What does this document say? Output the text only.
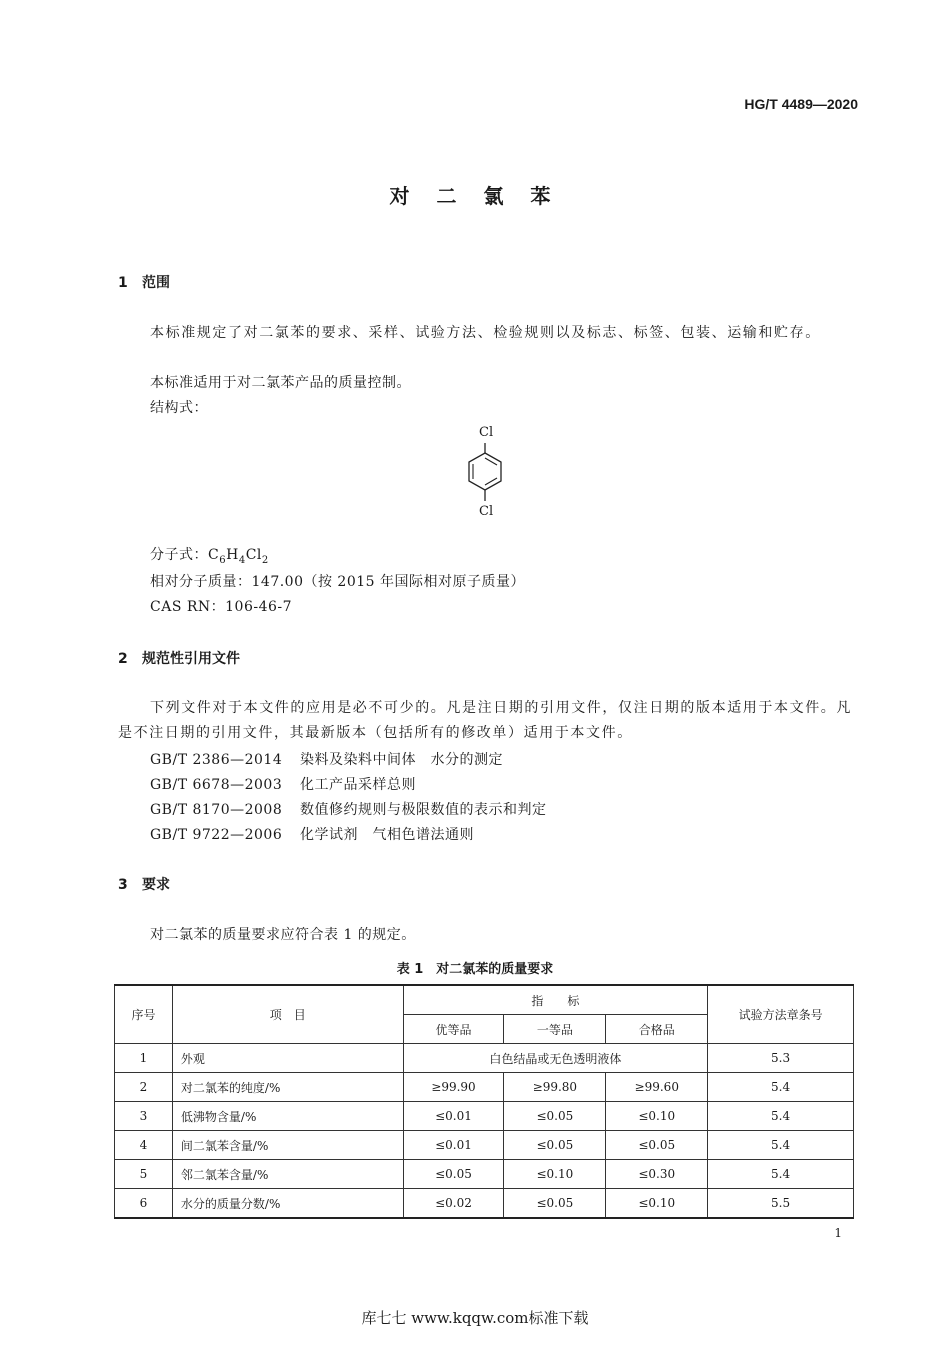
HG/T 4489—2020
对 二 氯 苯
1 范围
本标准规定了对二氯苯的要求、采样、试验方法、检验规则以及标志、标签、包装、运输和贮存。
本标准适用于对二氯苯产品的质量控制。
结构式：
Cl
Cl
分子式：$C_6H_4Cl_2$
相对分子质量：147.00（按 2015 年国际相对原子质量）
CAS RN：106-46-7
2 规范性引用文件
下列文件对于本文件的应用是必不可少的。凡是注日期的引用文件，仅注日期的版本适用于本文件。凡是不注日期的引用文件，其最新版本（包括所有的修改单）适用于本文件。
GB/T 2386—2014 染料及染料中间体　水分的测定
GB/T 6678—2003 化工产品采样总则
GB/T 8170—2008 数值修约规则与极限数值的表示和判定
GB/T 9722—2006 化学试剂　气相色谱法通则
3 要求
对二氯苯的质量要求应符合表 1 的规定。
表 1　对二氯苯的质量要求
序号	项　目	指　　标			试验方法章条号
		优等品	一等品	合格品	
1	外观	白色结晶或无色透明液体			5.3
2	对二氯苯的纯度/%	≥99.90	≥99.80	≥99.60	5.4
3	低沸物含量/%	≤0.01	≤0.05	≤0.10	5.4
4	间二氯苯含量/%	≤0.01	≤0.05	≤0.05	5.4
5	邻二氯苯含量/%	≤0.05	≤0.10	≤0.30	5.4
6	水分的质量分数/%	≤0.02	≤0.05	≤0.10	5.5
1
库七七 www.kqqw.com标准下载
